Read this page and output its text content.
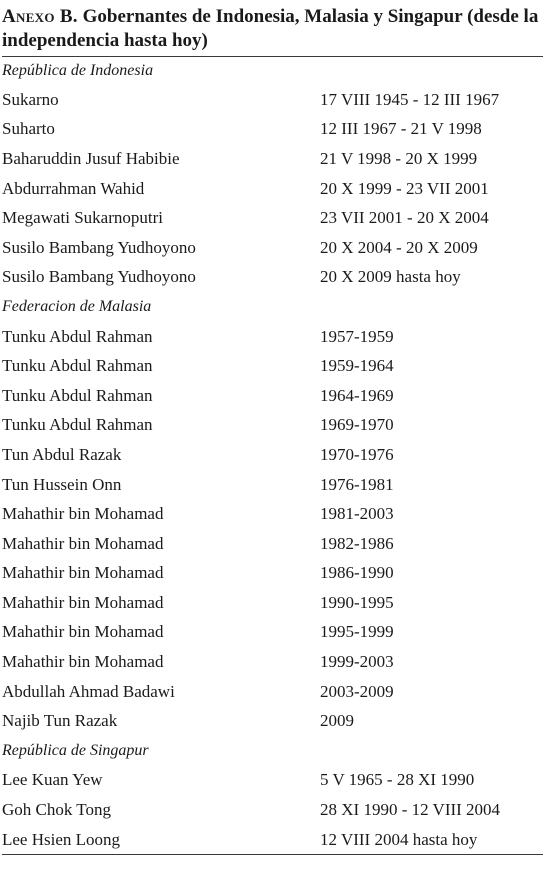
Anexo B. Gobernantes de Indonesia, Malasia y Singapur (desde la independencia hasta hoy)
República de Indonesia	
Sukarno	17 VIII 1945 - 12 III 1967
Suharto	12 III 1967 - 21 V 1998
Baharuddin Jusuf Habibie	21 V 1998 - 20 X 1999
Abdurrahman Wahid	20 X 1999 - 23 VII 2001
Megawati Sukarnoputri	23 VII 2001 - 20 X 2004
Susilo Bambang Yudhoyono	20 X 2004 - 20 X 2009
Susilo Bambang Yudhoyono	20 X 2009 hasta hoy
Federacion de Malasia	
Tunku Abdul Rahman	1957-1959
Tunku Abdul Rahman	1959-1964
Tunku Abdul Rahman	1964-1969
Tunku Abdul Rahman	1969-1970
Tun Abdul Razak	1970-1976
Tun Hussein Onn	1976-1981
Mahathir bin Mohamad	1981-2003
Mahathir bin Mohamad	1982-1986
Mahathir bin Mohamad	1986-1990
Mahathir bin Mohamad	1990-1995
Mahathir bin Mohamad	1995-1999
Mahathir bin Mohamad	1999-2003
Abdullah Ahmad Badawi	2003-2009
Najib Tun Razak	2009
República de Singapur	
Lee Kuan Yew	5 V 1965 - 28 XI 1990
Goh Chok Tong	28 XI 1990 - 12 VIII 2004
Lee Hsien Loong	12 VIII 2004 hasta hoy
